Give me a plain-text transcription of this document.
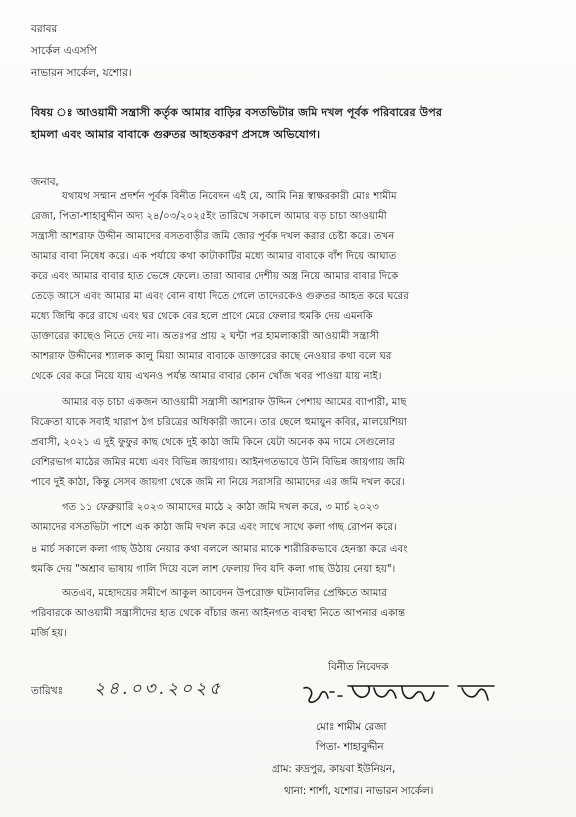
বরাবর
সার্কেল এএসপি
নাভারন সার্কেল, যশোর।
বিষয় ঃ আওয়ামী সন্ত্রাসী কর্তৃক আমার বাড়ির বসতভিটার জমি দখল পূর্বক পরিবারের উপর
হামলা এবং আমার বাবাকে গুরুতর আহতকরণ প্রসঙ্গে অভিযোগ।
জনাব,
যথাযথ সম্মান প্রদর্শন পূর্বক বিনীত নিবেদন এই যে, আমি নিম্ন স্বাক্ষরকারী মোঃ শামীম
রেজা, পিতা-শাহাবুদ্দীন অদ্য ২৪/০৩/২০২৫ইং তারিখে সকালে আমার বড় চাচা আওয়ামী
সন্ত্রাসী আশরাফ উদ্দীন আমাদের বসতবাড়ীর জমি জোর পূর্বক দখল করার চেষ্টা করে। তখন
আমার বাবা নিষেধ করে। এক পর্যায়ে কথা কাটাকাটির মধ্যে আমার বাবাকে বাঁশ দিয়ে আঘাত
করে এবং আমার বাবার হাত ভেঙ্গে ফেলে। তারা আবার দেশীয় অস্ত্র নিয়ে আমার বাবার দিকে
তেড়ে আসে এবং আমার মা এবং বোন বাধা দিতে গেলে তাদেরকেও গুরুতর আহত করে ঘরের
মধ্যে জিম্মি করে রাখে এবং ঘর থেকে বের হলে প্রাণে মেরে ফেলার হুমকি দেয় এমনকি
ডাক্তারের কাছেও নিতে দেয় না। অতঃপর প্রায় ২ ঘন্টা পর হামলাকারী আওয়ামী সন্ত্রাসী
আশরাফ উদ্দীনের শ্যালক কালু মিয়া আমার বাবাকে ডাক্তারের কাছে নেওয়ার কথা বলে ঘর
থেকে বের করে নিয়ে যায় এখনও পর্যন্ত আমার বাবার কোন খোঁজ খবর পাওয়া যায় নাই।
আমার বড় চাচা একজন আওয়ামী সন্ত্রাসী আশরাফ উদ্দিন পেশায় আমের ব্যাপারী, মাছ
বিক্রেতা যাকে সবাই খারাপ ঠগ চরিত্রের অধিকারী জানে। তার ছেলে হুমায়ুন কবির, মালয়েশিয়া
প্রবাসী, ২০২১ এ দুই ফুফুর কাছ থেকে দুই কাঠা জমি কিনে যেটা অনেক কম দামে সেগুলোর
বেশিরভাগ মাঠের জমির মধ্যে এবং বিভিন্ন জায়গায়। আইনগতভাবে উনি বিভিন্ন জায়গায় জমি
পাবে দুই কাঠা, কিন্তু সেসব জায়গা থেকে জমি না নিয়ে সরাসরি আমাদের এর জমি দখল করে।
গত ১১ ফেব্রুয়ারি ২০২৩ আমাদের মাঠে ২ কাঠা জমি দখল করে, ৩ মার্চ ২০২৩
আমাদের বসতভিটা পাশে এক কাঠা জমি দখল করে এবং সাথে সাথে কলা গাছ রোপন করে।
৪ মার্চ সকালে কলা গাছ উঠায় নেয়ার কথা বললে আমার মাকে শারীরিকভাবে হেনস্তা করে এবং
হুমকি দেয় "অশ্রাব ভাষায় গালি দিয়ে বলে লাশ ফেলায় দিব যদি কলা গাছ উঠায় নেয়া হয়"।
অতএব, মহোদয়ের সমীপে আকুল আবেদন উপরোক্ত ঘটনাবলির প্রেক্ষিতে আমার
পরিবারকে আওয়ামী সন্ত্রাসীদের হাত থেকে বাঁচার জন্য আইনগত ব্যবস্থা নিতে আপনার একান্ত
মর্জি হয়।
বিনীত নিবেদক
তারিখঃ ২৪.০৩.২০২৫
মোঃ শামীম রেজা
পিতা- শাহাবুদ্দীন
গ্রাম: রুদ্রপুর, কায়বা ইউনিয়ন,
থানা: শার্শা, যশোর। নাভারন সার্কেল।
